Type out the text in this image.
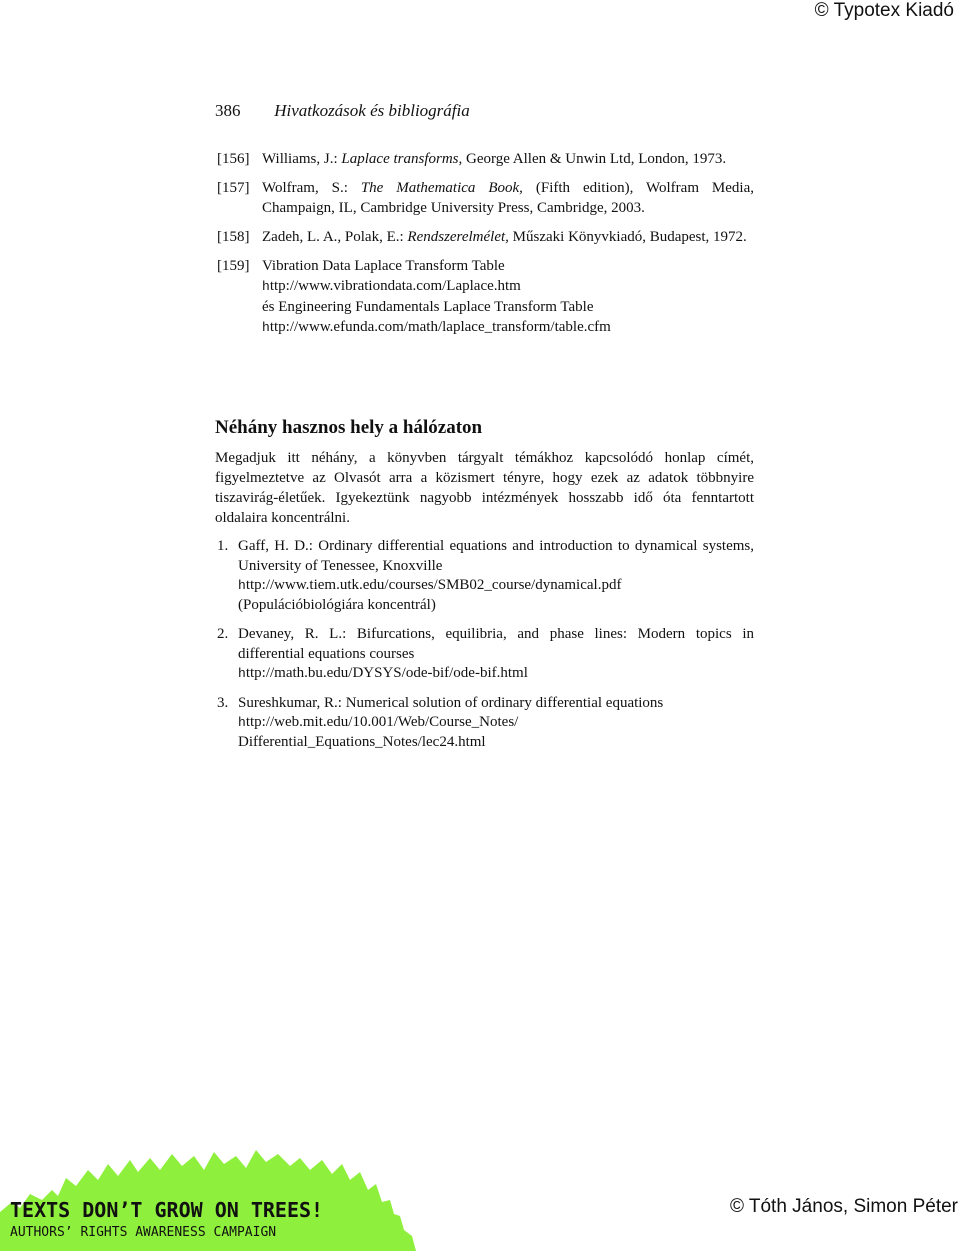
© Typotex Kiadó
386 Hivatkozások és bibliográfia
[156] Williams, J.: Laplace transforms, George Allen & Unwin Ltd, London, 1973.
[157] Wolfram, S.: The Mathematica Book, (Fifth edition), Wolfram Media, Champaign, IL, Cambridge University Press, Cambridge, 2003.
[158] Zadeh, L. A., Polak, E.: Rendszerelmélet, Műszaki Könyvkiadó, Budapest, 1972.
[159] Vibration Data Laplace Transform Table
http://www.vibrationdata.com/Laplace.htm
és Engineering Fundamentals Laplace Transform Table
http://www.efunda.com/math/laplace_transform/table.cfm
Néhány hasznos hely a hálózaton

Megadjuk itt néhány, a könyvben tárgyalt témákhoz kapcsolódó honlap címét, figyelmeztetve az Olvasót arra a közismert tényre, hogy ezek az adatok többnyire tiszavirág-életűek. Igyekeztünk nagyobb intézmények hosszabb idő óta fenntartott oldalaira koncentrálni.

1. Gaff, H. D.: Ordinary differential equations and introduction to dynamical systems, University of Tenessee, Knoxville
http://www.tiem.utk.edu/courses/SMB02_course/dynamical.pdf
(Populációbiológiára koncentrál)
2. Devaney, R. L.: Bifurcations, equilibria, and phase lines: Modern topics in differential equations courses
http://math.bu.edu/DYSYS/ode-bif/ode-bif.html
3. Sureshkumar, R.: Numerical solution of ordinary differential equations
http://web.mit.edu/10.001/Web/Course_Notes/
Differential_Equations_Notes/lec24.html
TEXTS DON’T GROW ON TREES!
AUTHORS’ RIGHTS AWARENESS CAMPAIGN
© Tóth János, Simon Péter
